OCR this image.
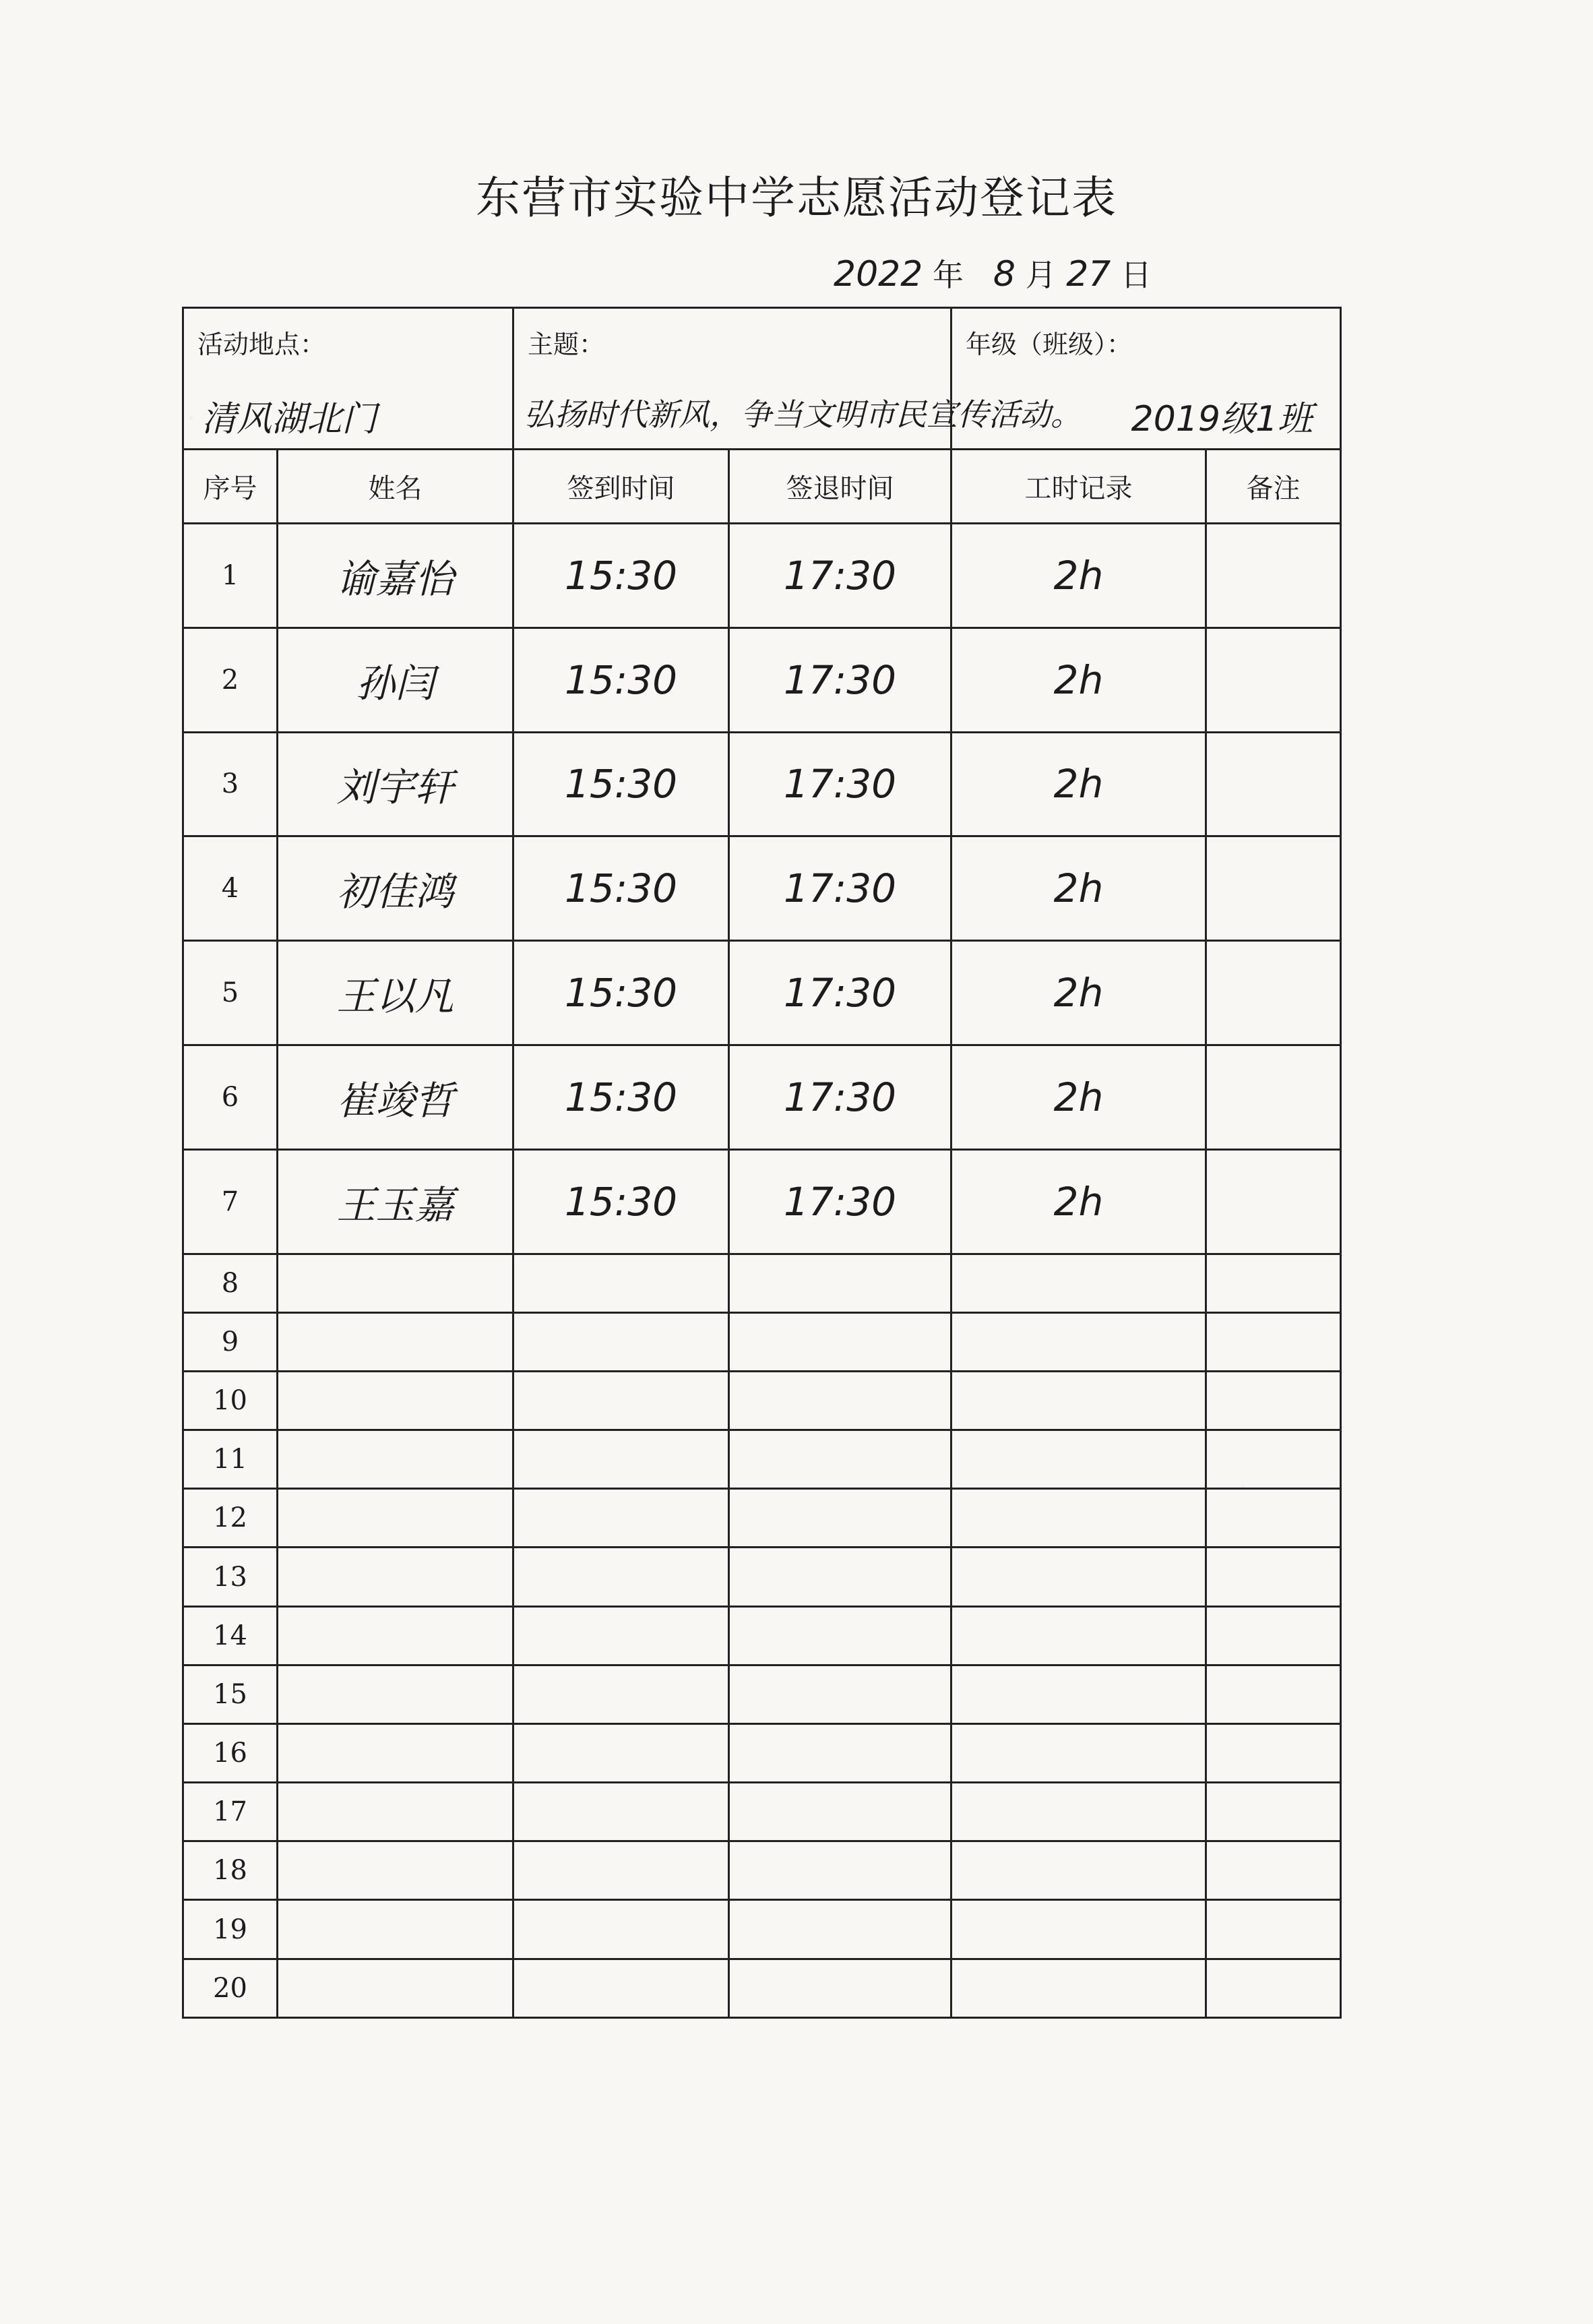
东营市实验中学志愿活动登记表
2022 年 8 月 27 日
活动地点：
清风湖北门		主题：
弘扬时代新风，争当文明市民宣传活动。		年级（班级）：
2019级1班	

序号	姓名	签到时间	签退时间	工时记录	备注
1	谕嘉怡	15:30	17:30	2h	
2	孙闫	15:30	17:30	2h	
3	刘宇轩	15:30	17:30	2h	
4	初佳鸿	15:30	17:30	2h	
5	王以凡	15:30	17:30	2h	
6	崔竣哲	15:30	17:30	2h	
7	王玉嘉	15:30	17:30	2h	
8					
9					
10					
11					
12					
13					
14					
15					
16					
17					
18					
19					
20					
